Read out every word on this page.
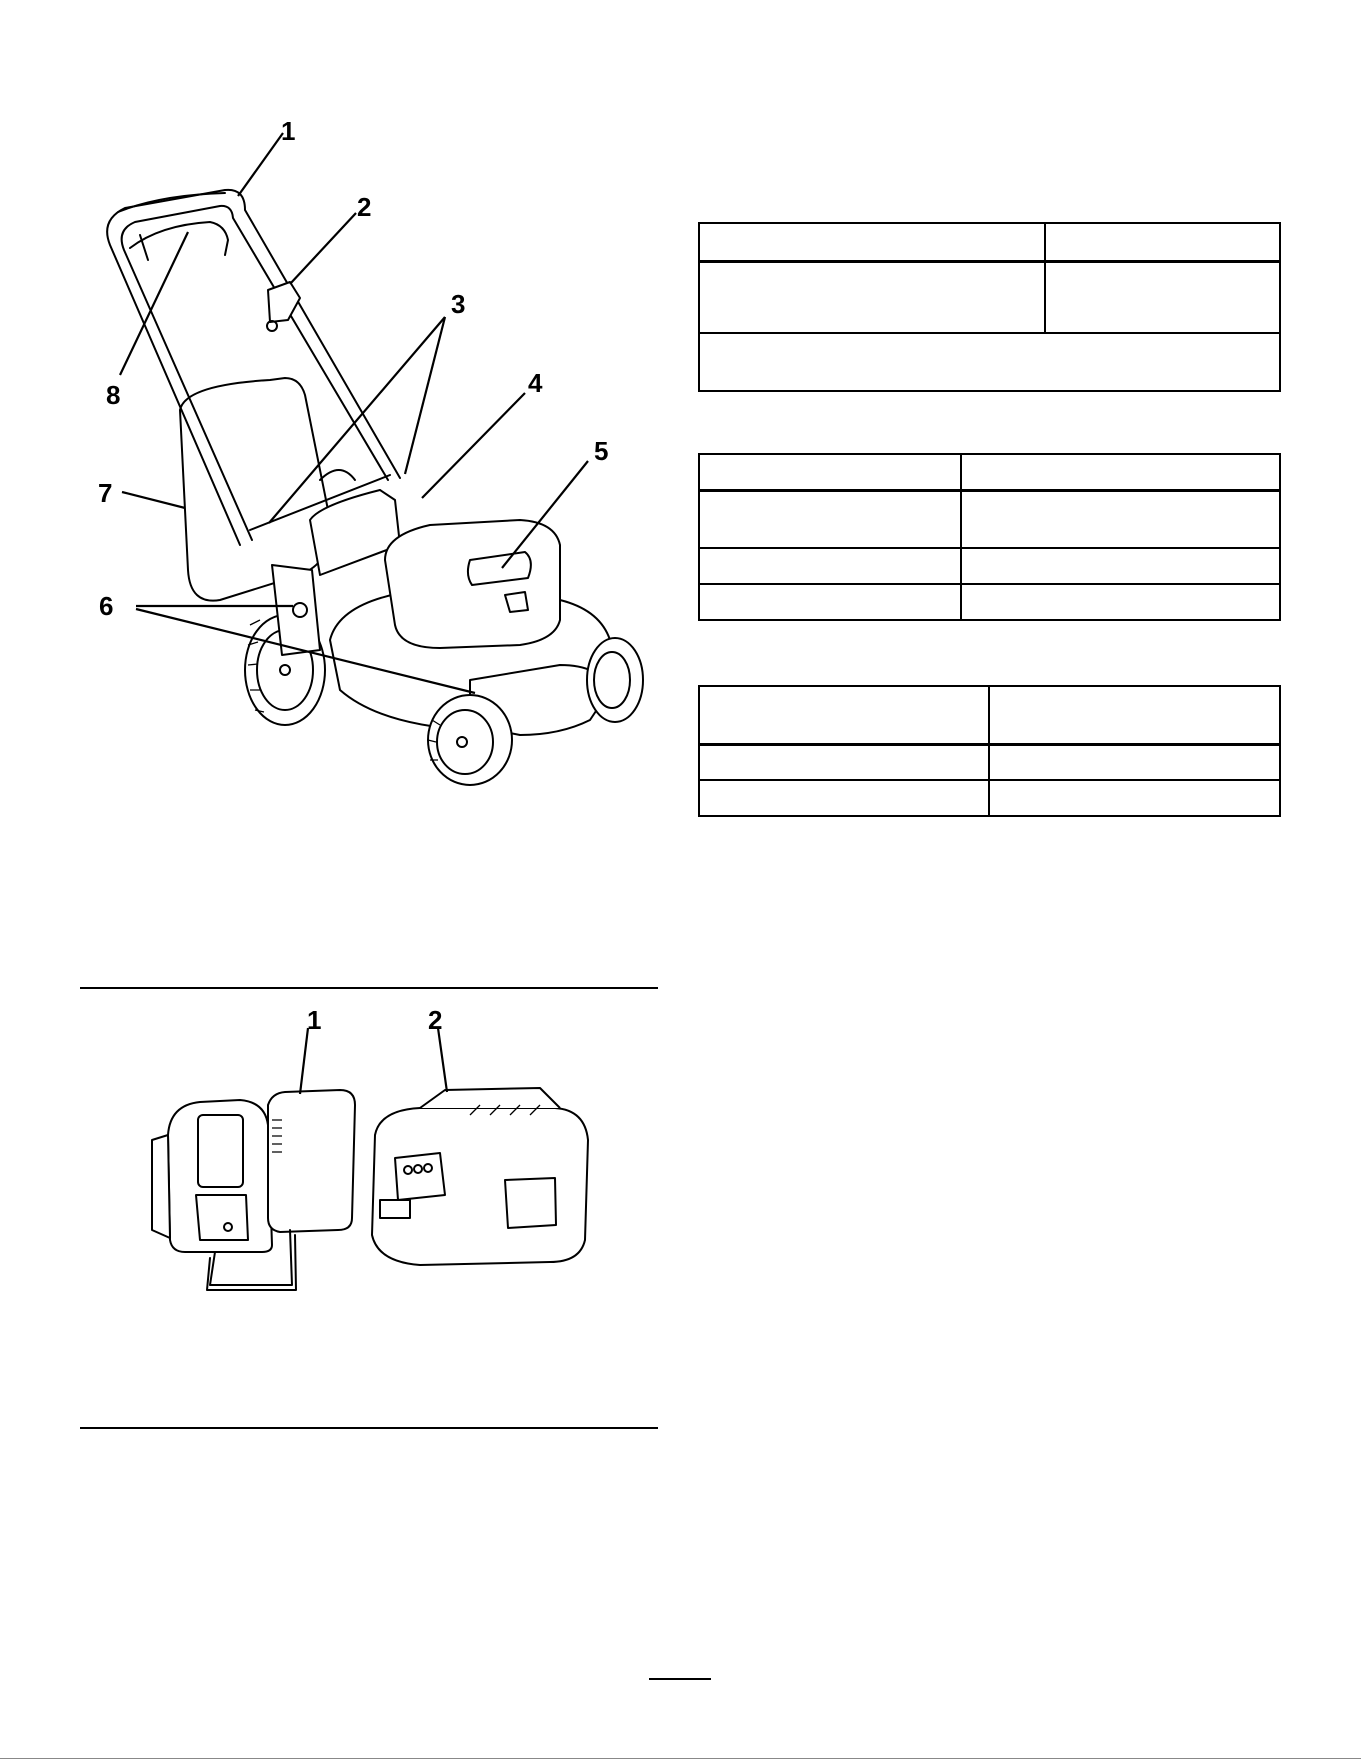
1
2
3
4
5
6
7
8
1	2
